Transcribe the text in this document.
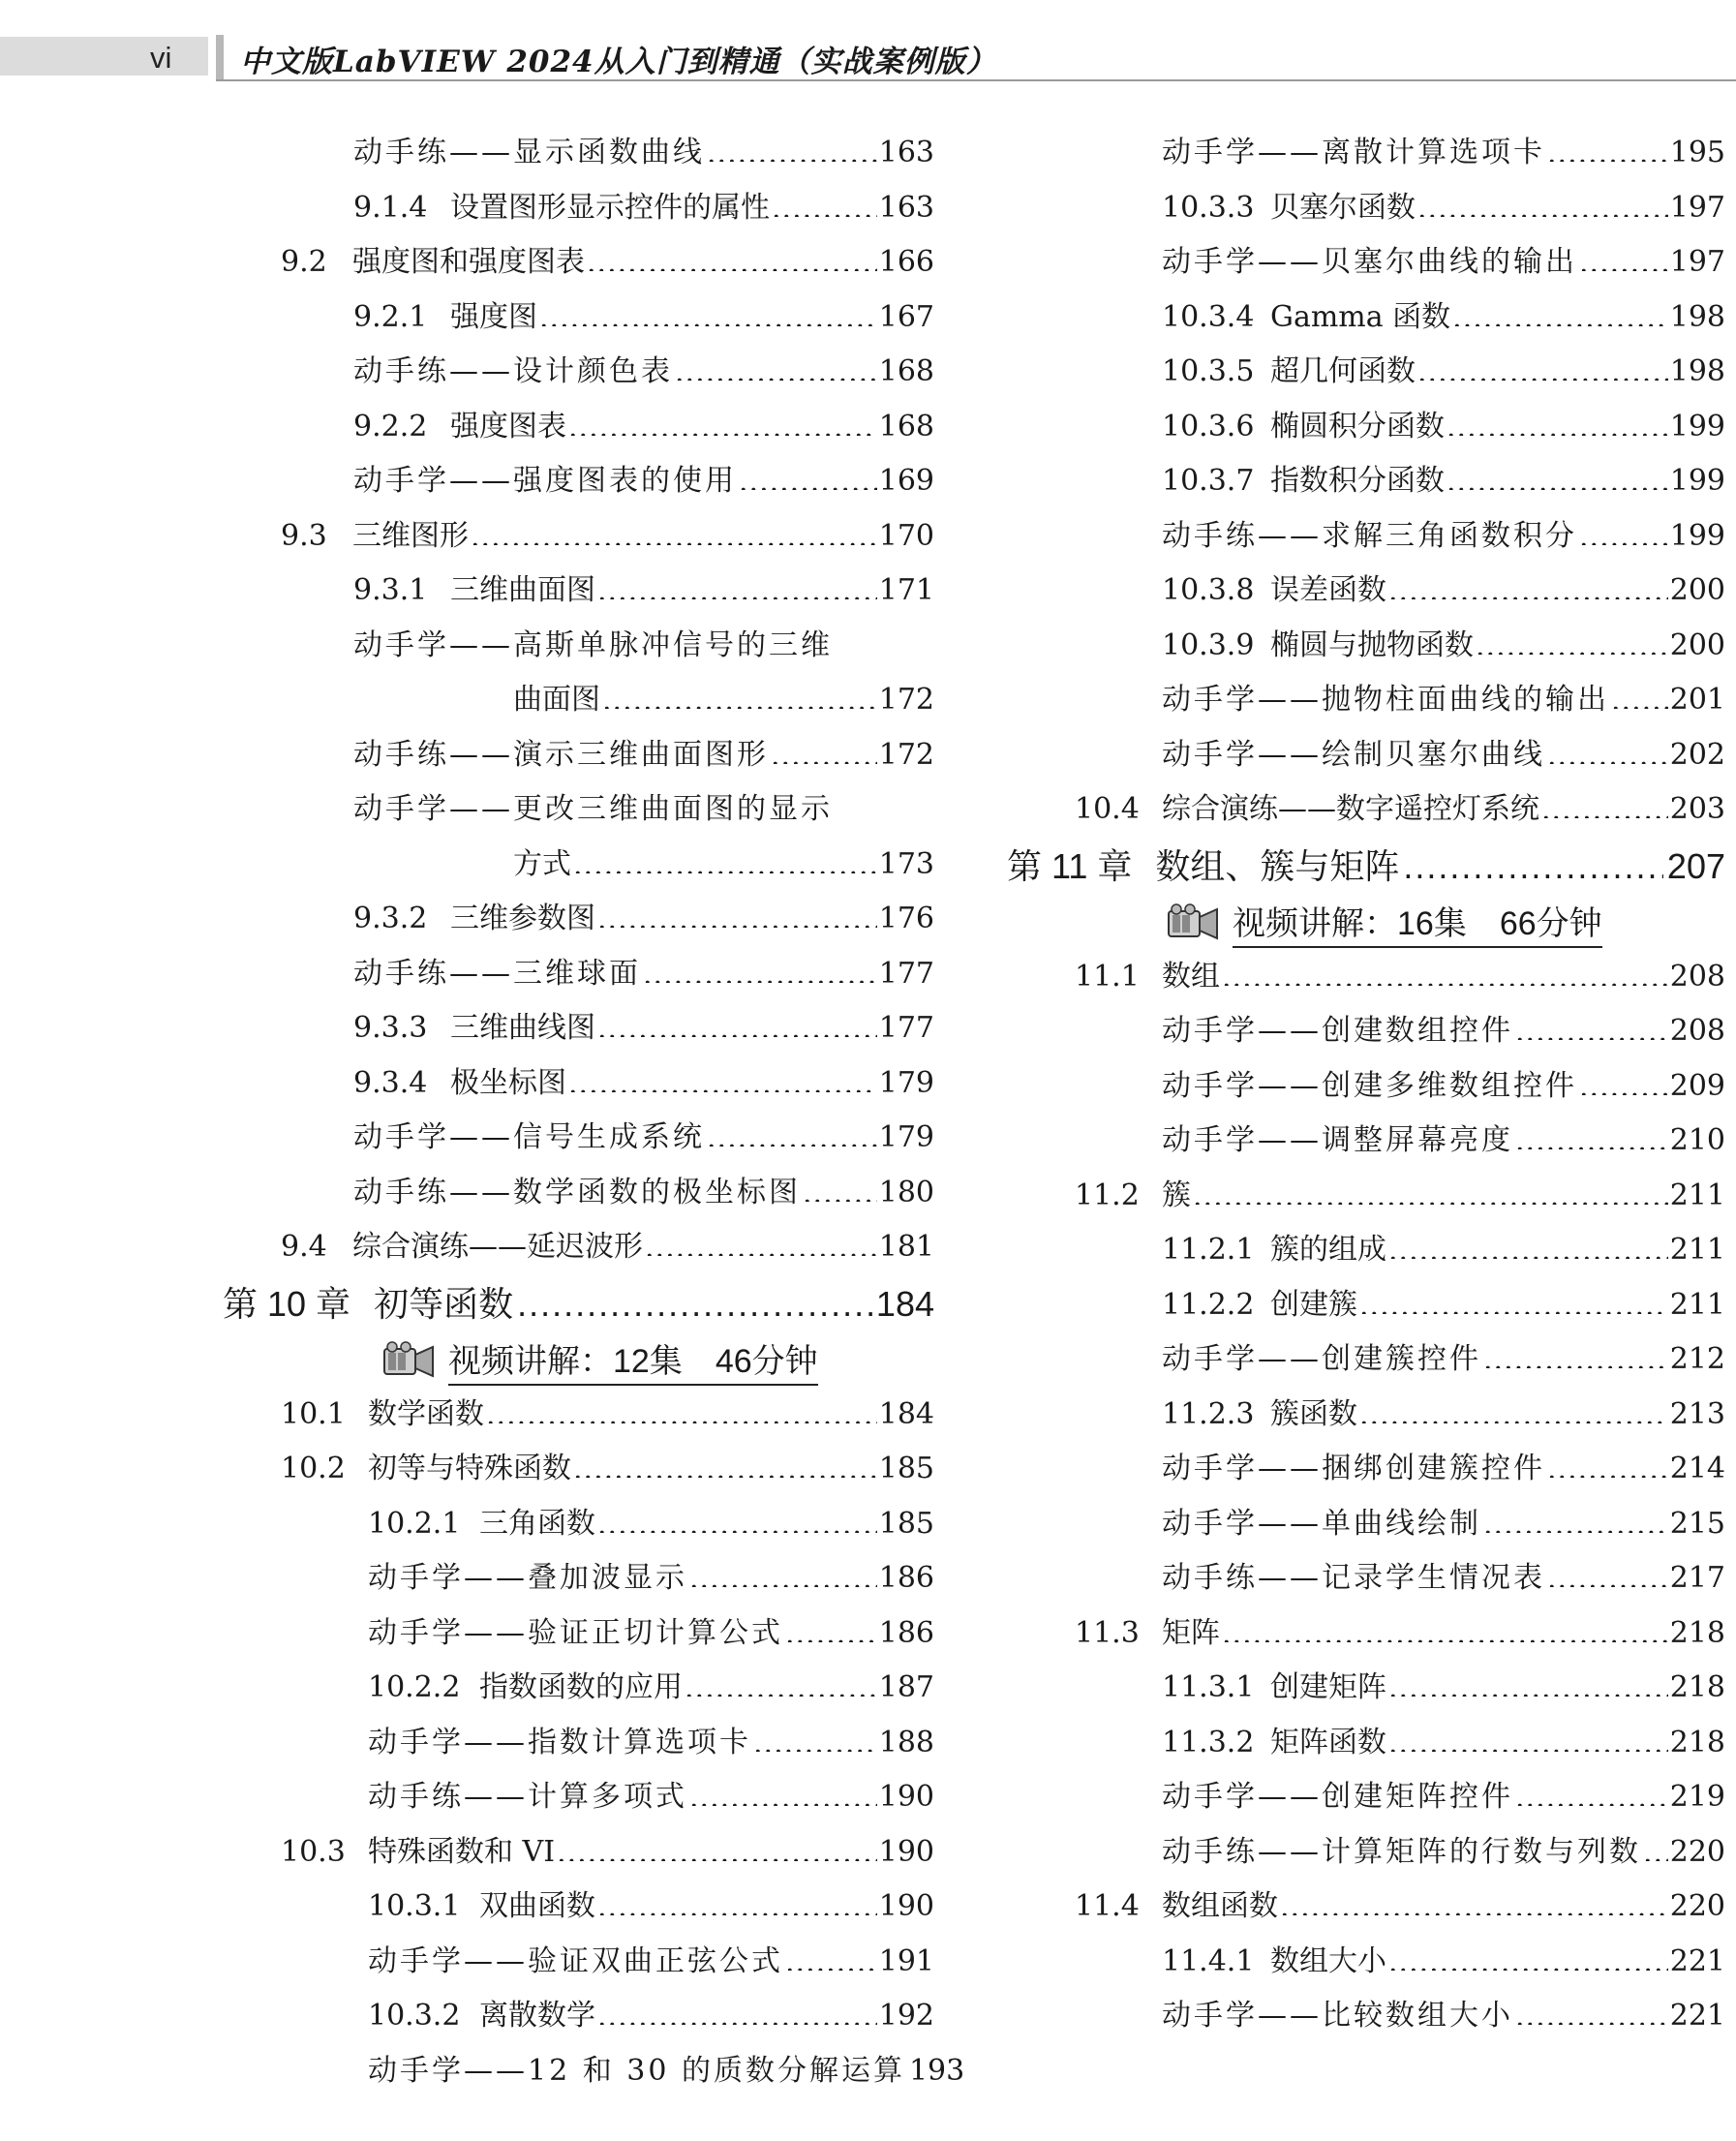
vi 中文版LabVIEW 2024从入门到精通（实战案例版）
动手练——显示函数曲线 .....	163
9.1.4 设置图形显示控件的属性 .....	163
9.2 强度图和强度图表 .....	166
9.2.1 强度图 .....	167
动手练——设计颜色表 .....	168
9.2.2 强度图表 .....	168
动手学——强度图表的使用 .....	169
9.3 三维图形 .....	170
9.3.1 三维曲面图 .....	171
动手学——高斯单脉冲信号的三维
曲面图 .....	172
动手练——演示三维曲面图形 .....	172
动手学——更改三维曲面图的显示
方式 .....	173
9.3.2 三维参数图 .....	176
动手练——三维球面 .....	177
9.3.3 三维曲线图 .....	177
9.3.4 极坐标图 .....	179
动手学——信号生成系统 .....	179
动手练——数学函数的极坐标图 .....	180
9.4 综合演练——延迟波形 .....	181
第 10 章 初等函数 .....	184
视频讲解：12集　46分钟
10.1 数学函数 .....	184
10.2 初等与特殊函数 .....	185
10.2.1 三角函数 .....	185
动手学——叠加波显示 .....	186
动手学——验证正切计算公式 .....	186
10.2.2 指数函数的应用 .....	187
动手学——指数计算选项卡 .....	188
动手练——计算多项式 .....	190
10.3 特殊函数和 VI .....	190
10.3.1 双曲函数 .....	190
动手学——验证双曲正弦公式 .....	191
10.3.2 离散数学 .....	192
动手学——12 和 30 的质数分解运算 193
动手学——离散计算选项卡 .....	195
10.3.3 贝塞尔函数 .....	197
动手学——贝塞尔曲线的输出 .....	197
10.3.4 Gamma 函数 .....	198
10.3.5 超几何函数 .....	198
10.3.6 椭圆积分函数 .....	199
10.3.7 指数积分函数 .....	199
动手练——求解三角函数积分 .....	199
10.3.8 误差函数 .....	200
10.3.9 椭圆与抛物函数 .....	200
动手学——抛物柱面曲线的输出 ..... 201
动手学——绘制贝塞尔曲线 .....	202
10.4 综合演练——数字遥控灯系统 .....	203
第 11 章 数组、簇与矩阵 .....	207
视频讲解：16集　66分钟
11.1 数组 .....	208
动手学——创建数组控件 .....	208
动手学——创建多维数组控件 .....	209
动手学——调整屏幕亮度 .....	210
11.2 簇 .....	211
11.2.1 簇的组成 .....	211
11.2.2 创建簇 .....	211
动手学——创建簇控件 .....	212
11.2.3 簇函数 .....	213
动手学——捆绑创建簇控件 .....	214
动手学——单曲线绘制 .....	215
动手练——记录学生情况表 .....	217
11.3 矩阵 .....	218
11.3.1 创建矩阵 .....	218
11.3.2 矩阵函数 .....	218
动手学——创建矩阵控件 .....	219
动手练——计算矩阵的行数与列数 ..... 220
11.4 数组函数 .....	220
11.4.1 数组大小 .....	221
动手学——比较数组大小 .....	221
